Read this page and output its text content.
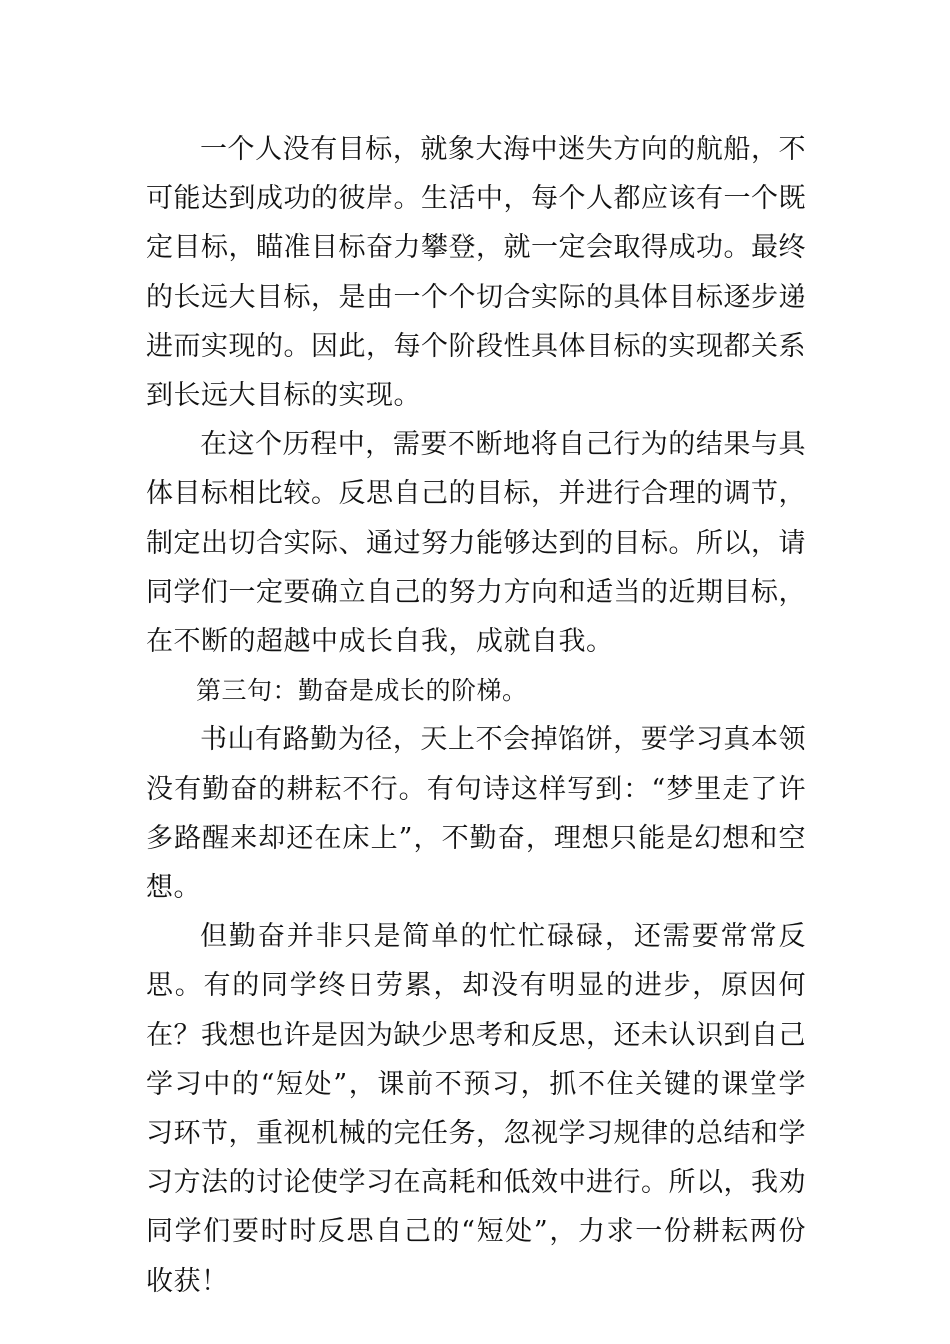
一个人没有目标，就象大海中迷失方向的航船，不可能达到成功的彼岸。生活中，每个人都应该有一个既定目标，瞄准目标奋力攀登，就一定会取得成功。最终的长远大目标，是由一个个切合实际的具体目标逐步递进而实现的。因此，每个阶段性具体目标的实现都关系到长远大目标的实现。

在这个历程中，需要不断地将自己行为的结果与具体目标相比较。反思自己的目标，并进行合理的调节，制定出切合实际、通过努力能够达到的目标。所以，请同学们一定要确立自己的努力方向和适当的近期目标，在不断的超越中成长自我，成就自我。

第三句：勤奋是成长的阶梯。

书山有路勤为径，天上不会掉馅饼，要学习真本领没有勤奋的耕耘不行。有句诗这样写到：“梦里走了许多路醒来却还在床上”，不勤奋，理想只能是幻想和空想。

但勤奋并非只是简单的忙忙碌碌，还需要常常反思。有的同学终日劳累，却没有明显的进步，原因何在？我想也许是因为缺少思考和反思，还未认识到自己学习中的“短处”，课前不预习，抓不住关键的课堂学习环节，重视机械的完任务，忽视学习规律的总结和学习方法的讨论使学习在高耗和低效中进行。所以，我劝同学们要时时反思自己的“短处”，力求一份耕耘两份收获！
